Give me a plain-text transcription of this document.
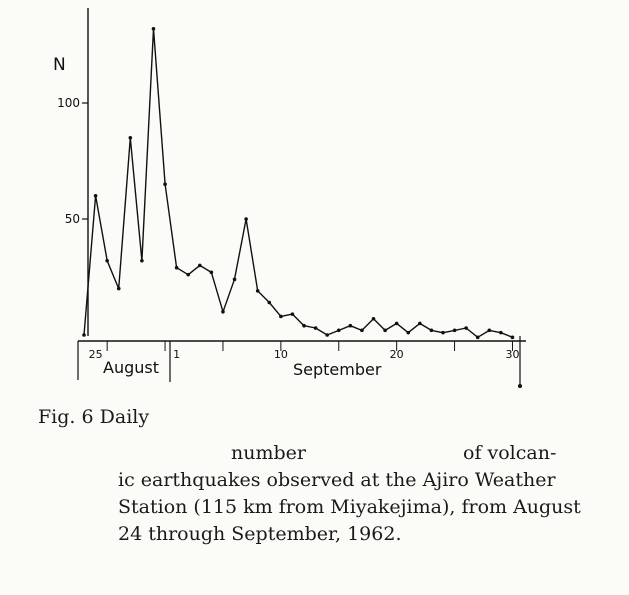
50
100
25	1	10	20	30
N
August	September
Fig. 6 Daily
number	of volcan-
ic earthquakes observed at the Ajiro Weather Station (115 km from Miyakejima), from August 24 through September, 1962.
